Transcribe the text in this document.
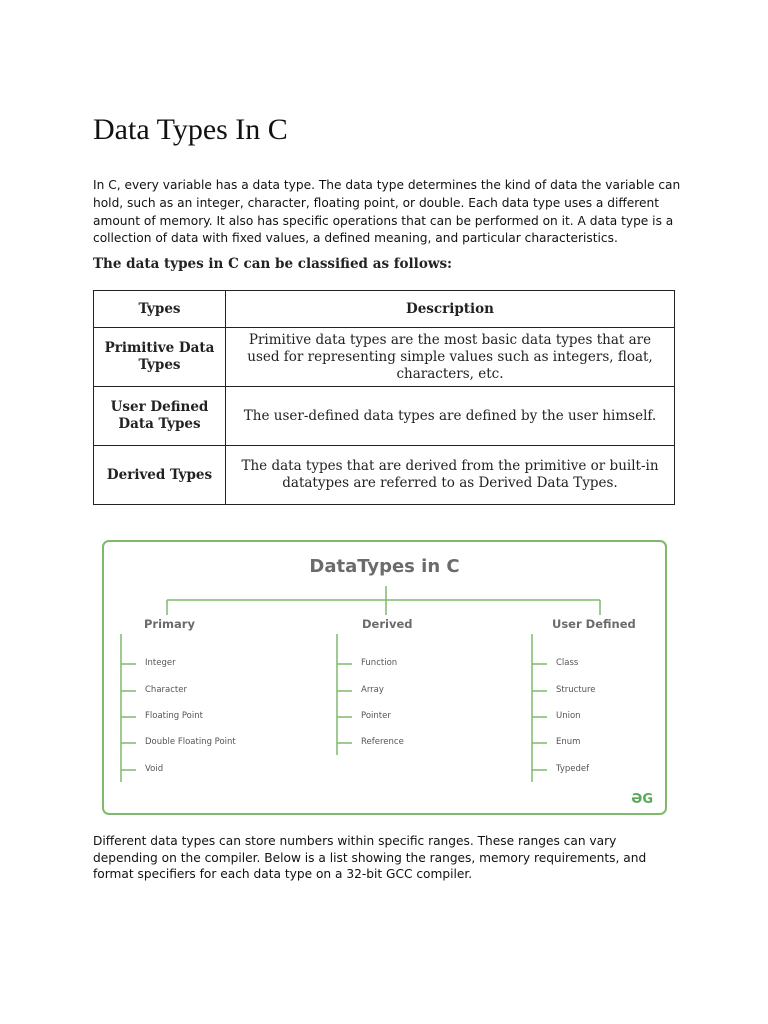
Data Types In C

In C, every variable has a data type. The data type determines the kind of data the variable can hold, such as an integer, character, floating point, or double. Each data type uses a different amount of memory. It also has specific operations that can be performed on it. A data type is a collection of data with fixed values, a defined meaning, and particular characteristics.

The data types in C can be classified as follows:
Types	Description
Primitive Data Types	Primitive data types are the most basic data types that are used for representing simple values such as integers, float, characters, etc.
User Defined Data Types	The user-defined data types are defined by the user himself.
Derived Types	The data types that are derived from the primitive or built-in datatypes are referred to as Derived Data Types.
DataTypes in C
Primary	Derived	User Defined
Integer
Character
Floating Point
Double Floating Point
Void
Function
Array
Pointer
Reference
Class
Structure
Union
Enum
Typedef
ƏG

Different data types can store numbers within specific ranges. These ranges can vary depending on the compiler. Below is a list showing the ranges, memory requirements, and format specifiers for each data type on a 32-bit GCC compiler.
